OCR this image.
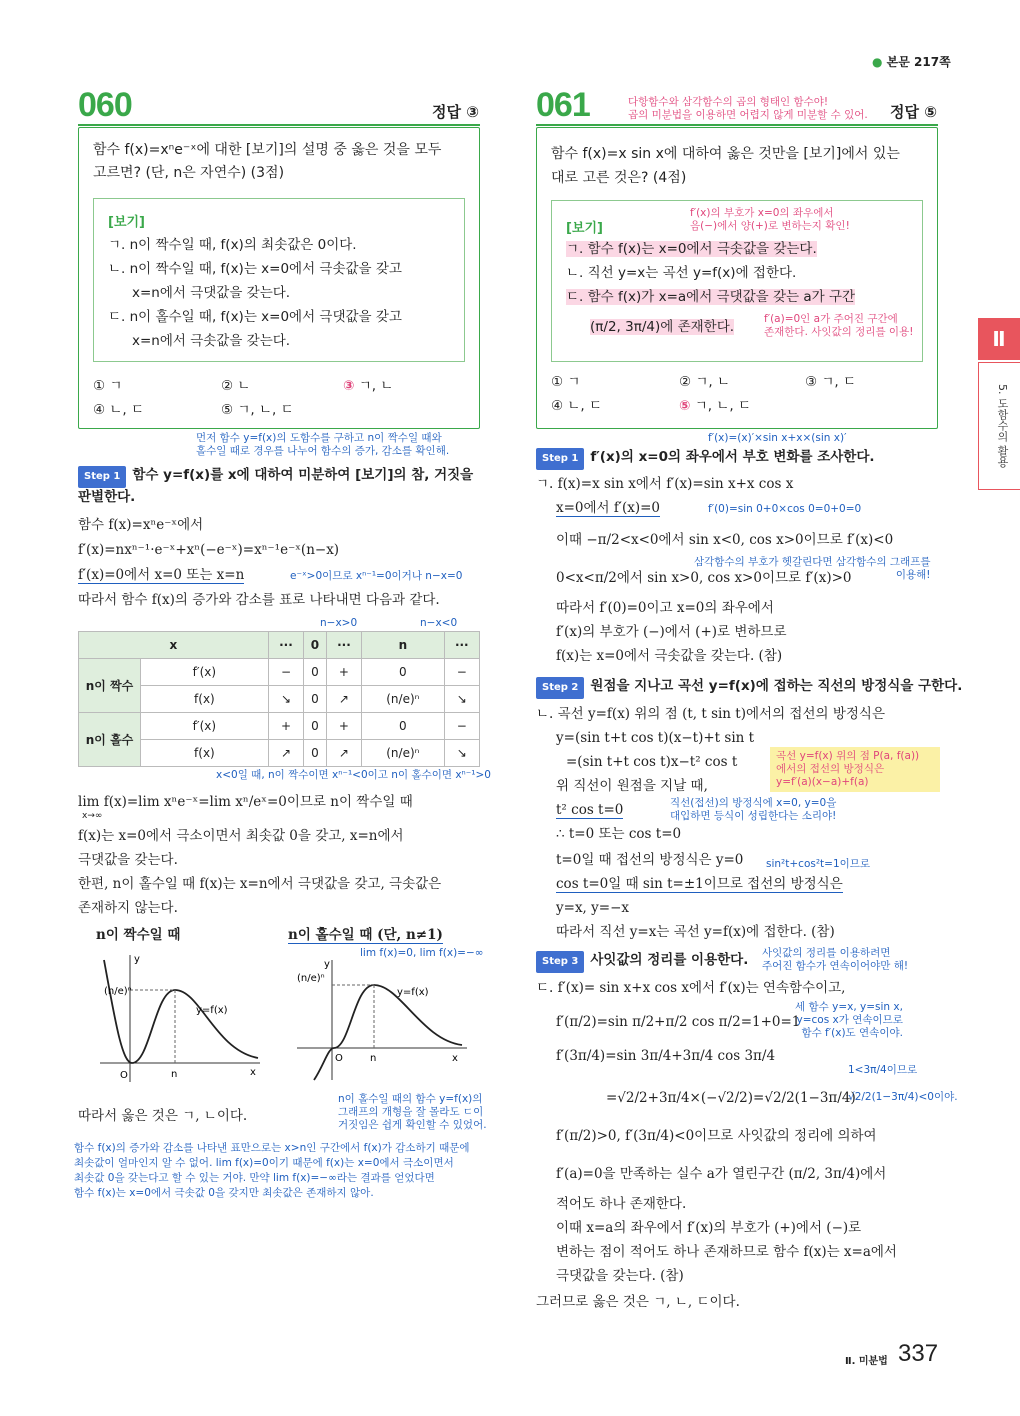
● 본문 217쪽
060	정답 ③
함수 f(x)=xⁿe⁻ˣ에 대한 [보기]의 설명 중 옳은 것을 모두
고르면? (단, n은 자연수) (3점)
[보기]
ㄱ. n이 짝수일 때, f(x)의 최솟값은 0이다.
ㄴ. n이 짝수일 때, f(x)는 x=0에서 극솟값을 갖고
x=n에서 극댓값을 갖는다.
ㄷ. n이 홀수일 때, f(x)는 x=0에서 극댓값을 갖고
x=n에서 극솟값을 갖는다.
① ㄱ	② ㄴ	③ ㄱ, ㄴ
④ ㄴ, ㄷ	⑤ ㄱ, ㄴ, ㄷ
먼저 함수 y=f(x)의 도함수를 구하고 n이 짝수일 때와
홀수일 때로 경우를 나누어 함수의 증가, 감소를 확인해.
Step 1 함수 y=f(x)를 x에 대하여 미분하여 [보기]의 참, 거짓을
판별한다.
함수 f(x)=xⁿe⁻ˣ에서
f′(x)=nxⁿ⁻¹·e⁻ˣ+xⁿ(−e⁻ˣ)=xⁿ⁻¹e⁻ˣ(n−x)
f′(x)=0에서 x=0 또는 x=n	e⁻ˣ>0이므로 xⁿ⁻¹=0이거나 n−x=0
따라서 함수 f(x)의 증가와 감소를 표로 나타내면 다음과 같다.
n−x>0	n−x<0
x		···	0	···	n	···
n이 짝수	f′(x)	−	0	+	0	−
	f(x)	↘	0	↗	(n/e)ⁿ	↘
n이 홀수	f′(x)	+	0	+	0	−
	f(x)	↗	0	↗	(n/e)ⁿ	↘
x<0일 때, n이 짝수이면 xⁿ⁻¹<0이고 n이 홀수이면 xⁿ⁻¹>0
lim f(x)=lim xⁿe⁻ˣ=lim xⁿ/eˣ=0이므로 n이 짝수일 때
x→∞
f(x)는 x=0에서 극소이면서 최솟값 0을 갖고, x=n에서
극댓값을 갖는다.
한편, n이 홀수일 때 f(x)는 x=n에서 극댓값을 갖고, 극솟값은
존재하지 않는다.
n이 짝수일 때	n이 홀수일 때 (단, n≠1)
lim f(x)=0, lim f(x)=−∞
y
x
O	n
(n/e)ⁿ
y=f(x)
y
x
O	n
(n/e)ⁿ
y=f(x)
따라서 옳은 것은 ㄱ, ㄴ이다.
n이 홀수일 때의 함수 y=f(x)의
그래프의 개형을 잘 몰라도 ㄷ이
거짓임은 쉽게 확인할 수 있었어.
함수 f(x)의 증가와 감소를 나타낸 표만으로는 x>n인 구간에서 f(x)가 감소하기 때문에
최솟값이 얼마인지 알 수 없어. lim f(x)=0이기 때문에 f(x)는 x=0에서 극소이면서
최솟값 0을 갖는다고 할 수 있는 거야. 만약 lim f(x)=−∞라는 결과를 얻었다면
함수 f(x)는 x=0에서 극솟값 0을 갖지만 최솟값은 존재하지 않아.
061	다항함수와 삼각함수의 곱의 형태인 함수야!
곱의 미분법을 이용하면 어렵지 않게 미분할 수 있어. 정답 ⑤
함수 f(x)=x sin x에 대하여 옳은 것만을 [보기]에서 있는
대로 고른 것은? (4점)
[보기]
f′(x)의 부호가 x=0의 좌우에서
음(−)에서 양(+)로 변하는지 확인!
ㄱ. 함수 f(x)는 x=0에서 극솟값을 갖는다.
ㄴ. 직선 y=x는 곡선 y=f(x)에 접한다.
ㄷ. 함수 f(x)가 x=a에서 극댓값을 갖는 a가 구간
(π/2, 3π/4)에 존재한다.	f′(a)=0인 a가 주어진 구간에
존재한다. 사잇값의 정리를 이용!
① ㄱ	② ㄱ, ㄴ	③ ㄱ, ㄷ
④ ㄴ, ㄷ	⑤ ㄱ, ㄴ, ㄷ
f′(x)=(x)′×sin x+x×(sin x)′
Step 1 f′(x)의 x=0의 좌우에서 부호 변화를 조사한다.
ㄱ. f(x)=x sin x에서 f′(x)=sin x+x cos x
x=0에서 f′(x)=0	f′(0)=sin 0+0×cos 0=0+0=0
이때 −π/2<x<0에서 sin x<0, cos x>0이므로 f′(x)<0
삼각함수의 부호가 헷갈린다면 삼각함수의 그래프를
이용해!
0<x<π/2에서 sin x>0, cos x>0이므로 f′(x)>0
따라서 f′(0)=0이고 x=0의 좌우에서
f′(x)의 부호가 (−)에서 (+)로 변하므로
f(x)는 x=0에서 극솟값을 갖는다. (참)
Step 2 원점을 지나고 곡선 y=f(x)에 접하는 직선의 방정식을 구한다.
ㄴ. 곡선 y=f(x) 위의 점 (t, t sin t)에서의 접선의 방정식은
y=(sin t+t cos t)(x−t)+t sin t
=(sin t+t cos t)x−t² cos t	곡선 y=f(x) 위의 점 P(a, f(a))
에서의 접선의 방정식은
y=f′(a)(x−a)+f(a)
위 직선이 원점을 지날 때,
t² cos t=0	직선(접선)의 방정식에 x=0, y=0을
대입하면 등식이 성립한다는 소리야!
∴ t=0 또는 cos t=0
t=0일 때 접선의 방정식은 y=0 sin²t+cos²t=1이므로
cos t=0일 때 sin t=±1이므로 접선의 방정식은
y=x, y=−x
따라서 직선 y=x는 곡선 y=f(x)에 접한다. (참)
Step 3 사잇값의 정리를 이용한다. 사잇값의 정리를 이용하려면
주어진 함수가 연속이어야만 해!
ㄷ. f′(x)= sin x+x cos x에서 f′(x)는 연속함수이고,
세 함수 y=x, y=sin x,
y=cos x가 연속이므로
함수 f′(x)도 연속이야.
f′(π/2)=sin π/2+π/2 cos π/2=1+0=1
f′(3π/4)=sin 3π/4+3π/4 cos 3π/4
1<3π/4이므로
=√2/2+3π/4×(−√2/2)=√2/2(1−3π/4)
√2/2(1−3π/4)<0이야.
f′(π/2)>0, f′(3π/4)<0이므로 사잇값의 정리에 의하여
f′(a)=0을 만족하는 실수 a가 열린구간 (π/2, 3π/4)에서
적어도 하나 존재한다.
이때 x=a의 좌우에서 f′(x)의 부호가 (+)에서 (−)로
변하는 점이 적어도 하나 존재하므로 함수 f(x)는 x=a에서
극댓값을 갖는다. (참)
그러므로 옳은 것은 ㄱ, ㄴ, ㄷ이다.
Ⅱ
5. 도함수의 활용
Ⅱ. 미분법 337
